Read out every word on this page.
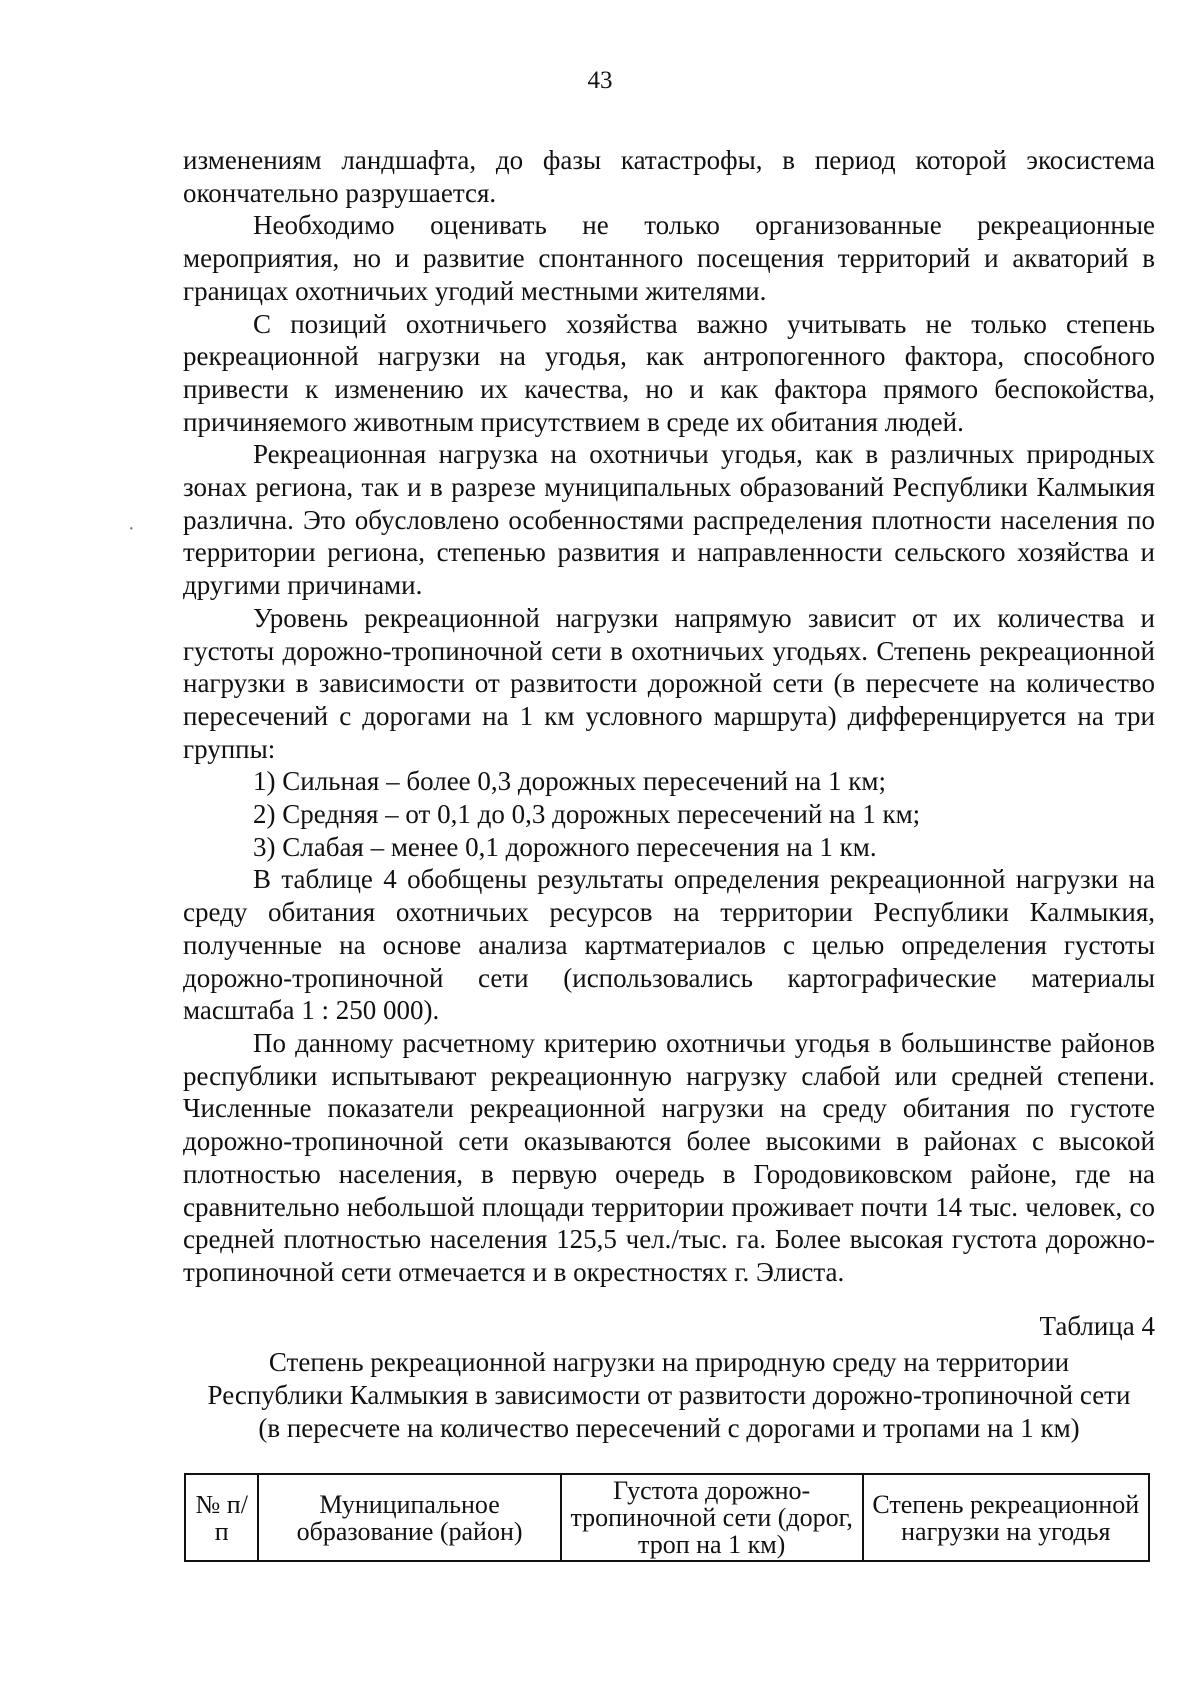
43

изменениям ландшафта, до фазы катастрофы, в период которой экосистема окончательно разрушается.

Необходимо оценивать не только организованные рекреационные мероприятия, но и развитие спонтанного посещения территорий и акваторий в границах охотничьих угодий местными жителями.

С позиций охотничьего хозяйства важно учитывать не только степень рекреационной нагрузки на угодья, как антропогенного фактора, способного привести к изменению их качества, но и как фактора прямого беспокойства, причиняемого животным присутствием в среде их обитания людей.

Рекреационная нагрузка на охотничьи угодья, как в различных природных зонах региона, так и в разрезе муниципальных образований Республики Калмыкия различна. Это обусловлено особенностями распределения плотности населения по территории региона, степенью развития и направленности сельского хозяйства и другими причинами.

Уровень рекреационной нагрузки напрямую зависит от их количества и густоты дорожно-тропиночной сети в охотничьих угодьях. Степень рекреационной нагрузки в зависимости от развитости дорожной сети (в пересчете на количество пересечений с дорогами на 1 км условного маршрута) дифференцируется на три группы:

1) Сильная – более 0,3 дорожных пересечений на 1 км;

2) Средняя – от 0,1 до 0,3 дорожных пересечений на 1 км;

3) Слабая – менее 0,1 дорожного пересечения на 1 км.

В таблице 4 обобщены результаты определения рекреационной нагрузки на среду обитания охотничьих ресурсов на территории Республики Калмыкия, полученные на основе анализа картматериалов с целью определения густоты дорожно-тропиночной сети (использовались картографические материалы масштаба 1 : 250 000).

По данному расчетному критерию охотничьи угодья в большинстве районов республики испытывают рекреационную нагрузку слабой или средней степени. Численные показатели рекреационной нагрузки на среду обитания по густоте дорожно-тропиночной сети оказываются более высокими в районах с высокой плотностью населения, в первую очередь в Городовиковском районе, где на сравнительно небольшой площади территории проживает почти 14 тыс. человек, со средней плотностью населения 125,5 чел./тыс. га. Более высокая густота дорожно-тропиночной сети отмечается и в окрестностях г. Элиста.

Таблица 4
Степень рекреационной нагрузки на природную среду на территории
Республики Калмыкия в зависимости от развитости дорожно-тропиночной сети
(в пересчете на количество пересечений с дорогами и тропами на 1 км)
№ п/п	Муниципальное образование (район)	Густота дорожно-тропиночной сети (дорог, троп на 1 км)	Степень рекреационной нагрузки на угодья
·
